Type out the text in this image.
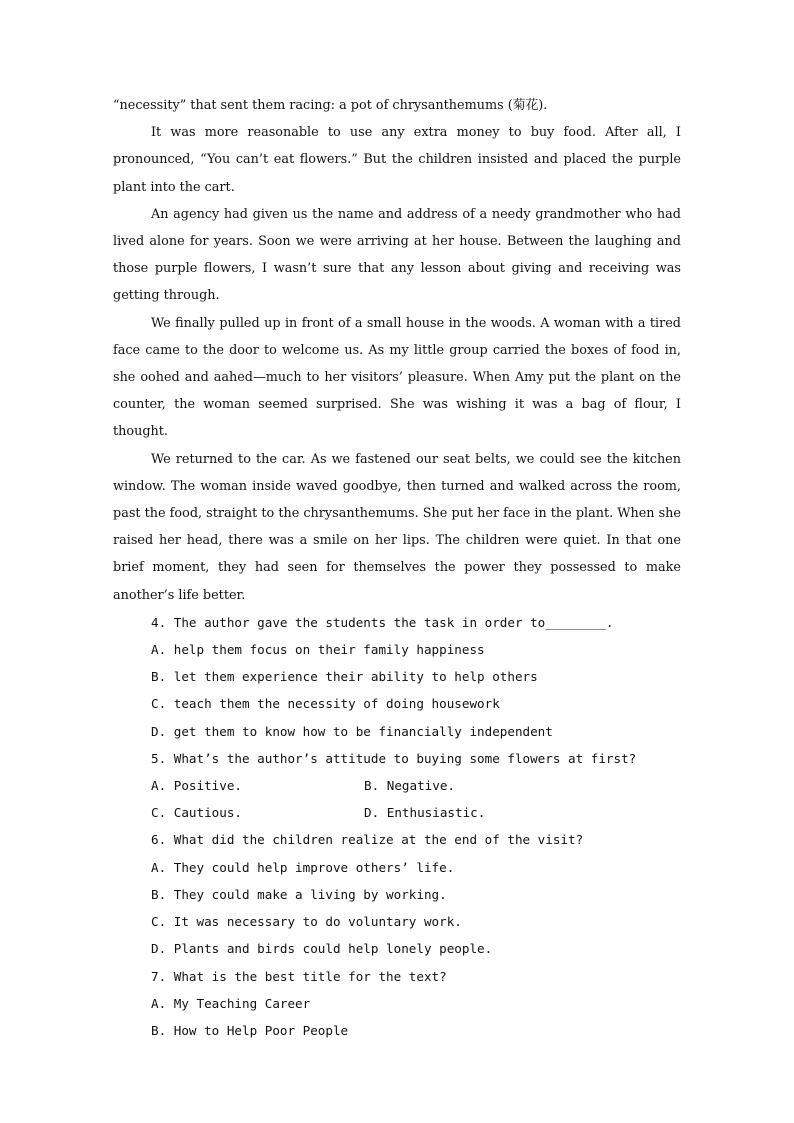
“necessity” that sent them racing: a pot of chrysanthemums (菊花).

It was more reasonable to use any extra money to buy food. After all, I pronounced, “You can’t eat flowers.” But the children insisted and placed the purple plant into the cart.

An agency had given us the name and address of a needy grandmother who had lived alone for years. Soon we were arriving at her house. Between the laughing and those purple flowers, I wasn’t sure that any lesson about giving and receiving was getting through.

We finally pulled up in front of a small house in the woods. A woman with a tired face came to the door to welcome us. As my little group carried the boxes of food in, she oohed and aahed—much to her visitors’ pleasure. When Amy put the plant on the counter, the woman seemed surprised. She was wishing it was a bag of flour, I thought.

We returned to the car. As we fastened our seat belts, we could see the kitchen window. The woman inside waved goodbye, then turned and walked across the room, past the food, straight to the chrysanthemums. She put her face in the plant. When she raised her head, there was a smile on her lips. The children were quiet. In that one brief moment, they had seen for themselves the power they possessed to make another’s life better.

4. The author gave the students the task in order to________.

A. help them focus on their family happiness

B. let them experience their ability to help others

C. teach them the necessity of doing housework

D. get them to know how to be financially independent

5. What’s the author’s attitude to buying some flowers at first?

A. Positive.	B. Negative.
C. Cautious.	D. Enthusiastic.

6. What did the children realize at the end of the visit?

A. They could help improve others’ life.

B. They could make a living by working.

C. It was necessary to do voluntary work.

D. Plants and birds could help lonely people.

7. What is the best title for the text?

A. My Teaching Career

B. How to Help Poor People
